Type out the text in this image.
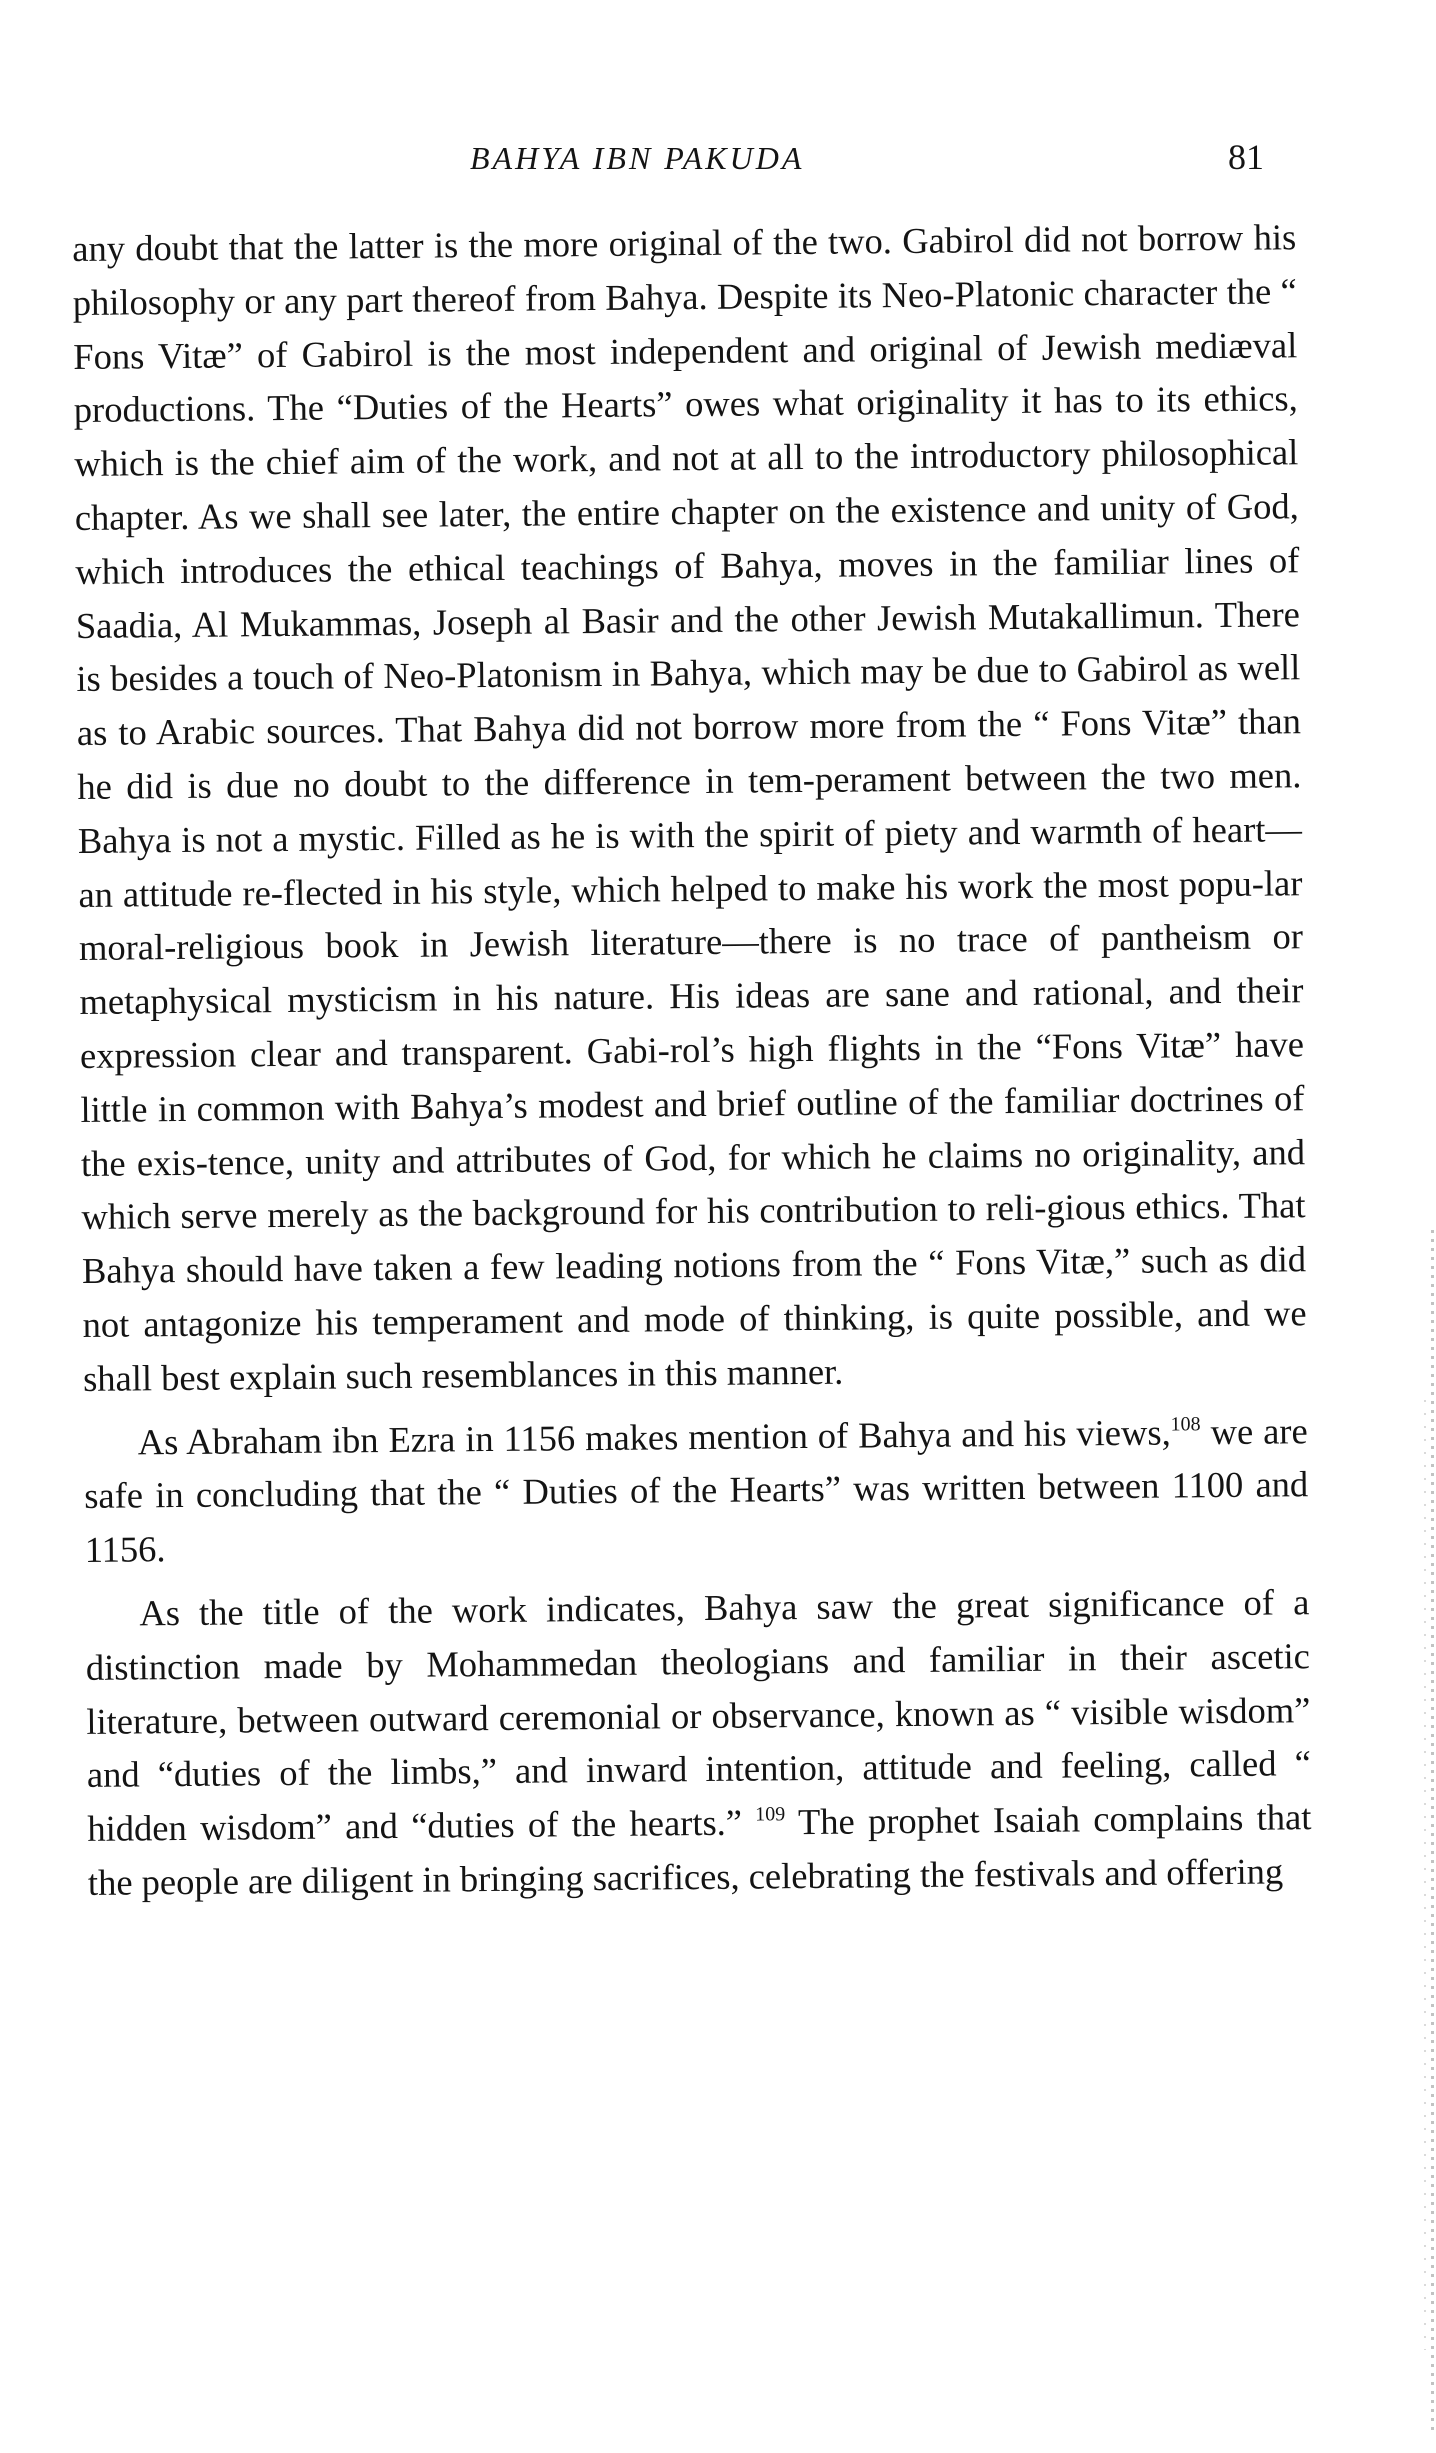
BAHYA IBN PAKUDA	81

any doubt that the latter is the more original of the two. Gabirol did not borrow his philosophy or any part thereof from Bahya. Despite its Neo-Platonic character the “ Fons Vitæ” of Gabirol is the most independent and original of Jewish mediæval productions. The “Duties of the Hearts” owes what originality it has to its ethics, which is the chief aim of the work, and not at all to the introductory philosophical chapter. As we shall see later, the entire chapter on the existence and unity of God, which introduces the ethical teachings of Bahya, moves in the familiar lines of Saadia, Al Mukammas, Joseph al Basir and the other Jewish Mutakallimun. There is besides a touch of Neo-Platonism in Bahya, which may be due to Gabirol as well as to Arabic sources. That Bahya did not borrow more from the “ Fons Vitæ” than he did is due no doubt to the difference in tem-perament between the two men. Bahya is not a mystic. Filled as he is with the spirit of piety and warmth of heart—an attitude re-flected in his style, which helped to make his work the most popu-lar moral-religious book in Jewish literature—there is no trace of pantheism or metaphysical mysticism in his nature. His ideas are sane and rational, and their expression clear and transparent. Gabi-rol’s high flights in the “Fons Vitæ” have little in common with Bahya’s modest and brief outline of the familiar doctrines of the exis-tence, unity and attributes of God, for which he claims no originality, and which serve merely as the background for his contribution to reli-gious ethics. That Bahya should have taken a few leading notions from the “ Fons Vitæ,” such as did not antagonize his temperament and mode of thinking, is quite possible, and we shall best explain such resemblances in this manner.

As Abraham ibn Ezra in 1156 makes mention of Bahya and his views,$^{108}$ we are safe in concluding that the “ Duties of the Hearts” was written between 1100 and 1156.

As the title of the work indicates, Bahya saw the great significance of a distinction made by Mohammedan theologians and familiar in their ascetic literature, between outward ceremonial or observance, known as “ visible wisdom” and “duties of the limbs,” and inward intention, attitude and feeling, called “ hidden wisdom” and “duties of the hearts.” $^{109}$ The prophet Isaiah complains that the people are diligent in bringing sacrifices, celebrating the festivals and offering
